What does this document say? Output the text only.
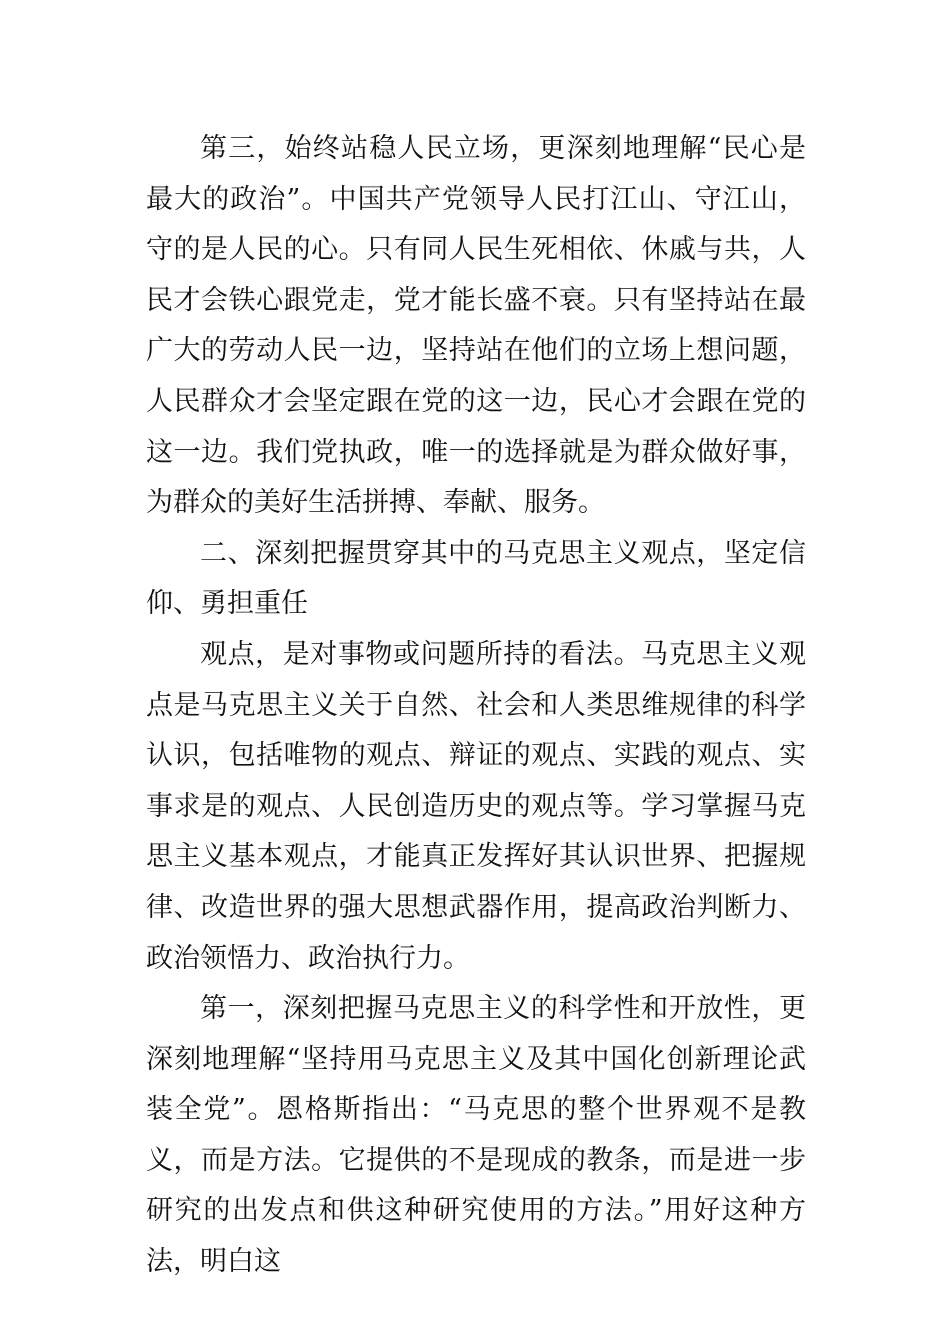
第三，始终站稳人民立场，更深刻地理解“民心是最大的政治”。中国共产党领导人民打江山、守江山，守的是人民的心。只有同人民生死相依、休戚与共，人民才会铁心跟党走，党才能长盛不衰。只有坚持站在最广大的劳动人民一边，坚持站在他们的立场上想问题，人民群众才会坚定跟在党的这一边，民心才会跟在党的这一边。我们党执政，唯一的选择就是为群众做好事，为群众的美好生活拼搏、奉献、服务。

二、深刻把握贯穿其中的马克思主义观点，坚定信仰、勇担重任

观点，是对事物或问题所持的看法。马克思主义观点是马克思主义关于自然、社会和人类思维规律的科学认识，包括唯物的观点、辩证的观点、实践的观点、实事求是的观点、人民创造历史的观点等。学习掌握马克思主义基本观点，才能真正发挥好其认识世界、把握规律、改造世界的强大思想武器作用，提高政治判断力、政治领悟力、政治执行力。

第一，深刻把握马克思主义的科学性和开放性，更深刻地理解“坚持用马克思主义及其中国化创新理论武装全党”。恩格斯指出：“马克思的整个世界观不是教义，而是方法。它提供的不是现成的教条，而是进一步研究的出发点和供这种研究使用的方法。”用好这种方法，明白这
